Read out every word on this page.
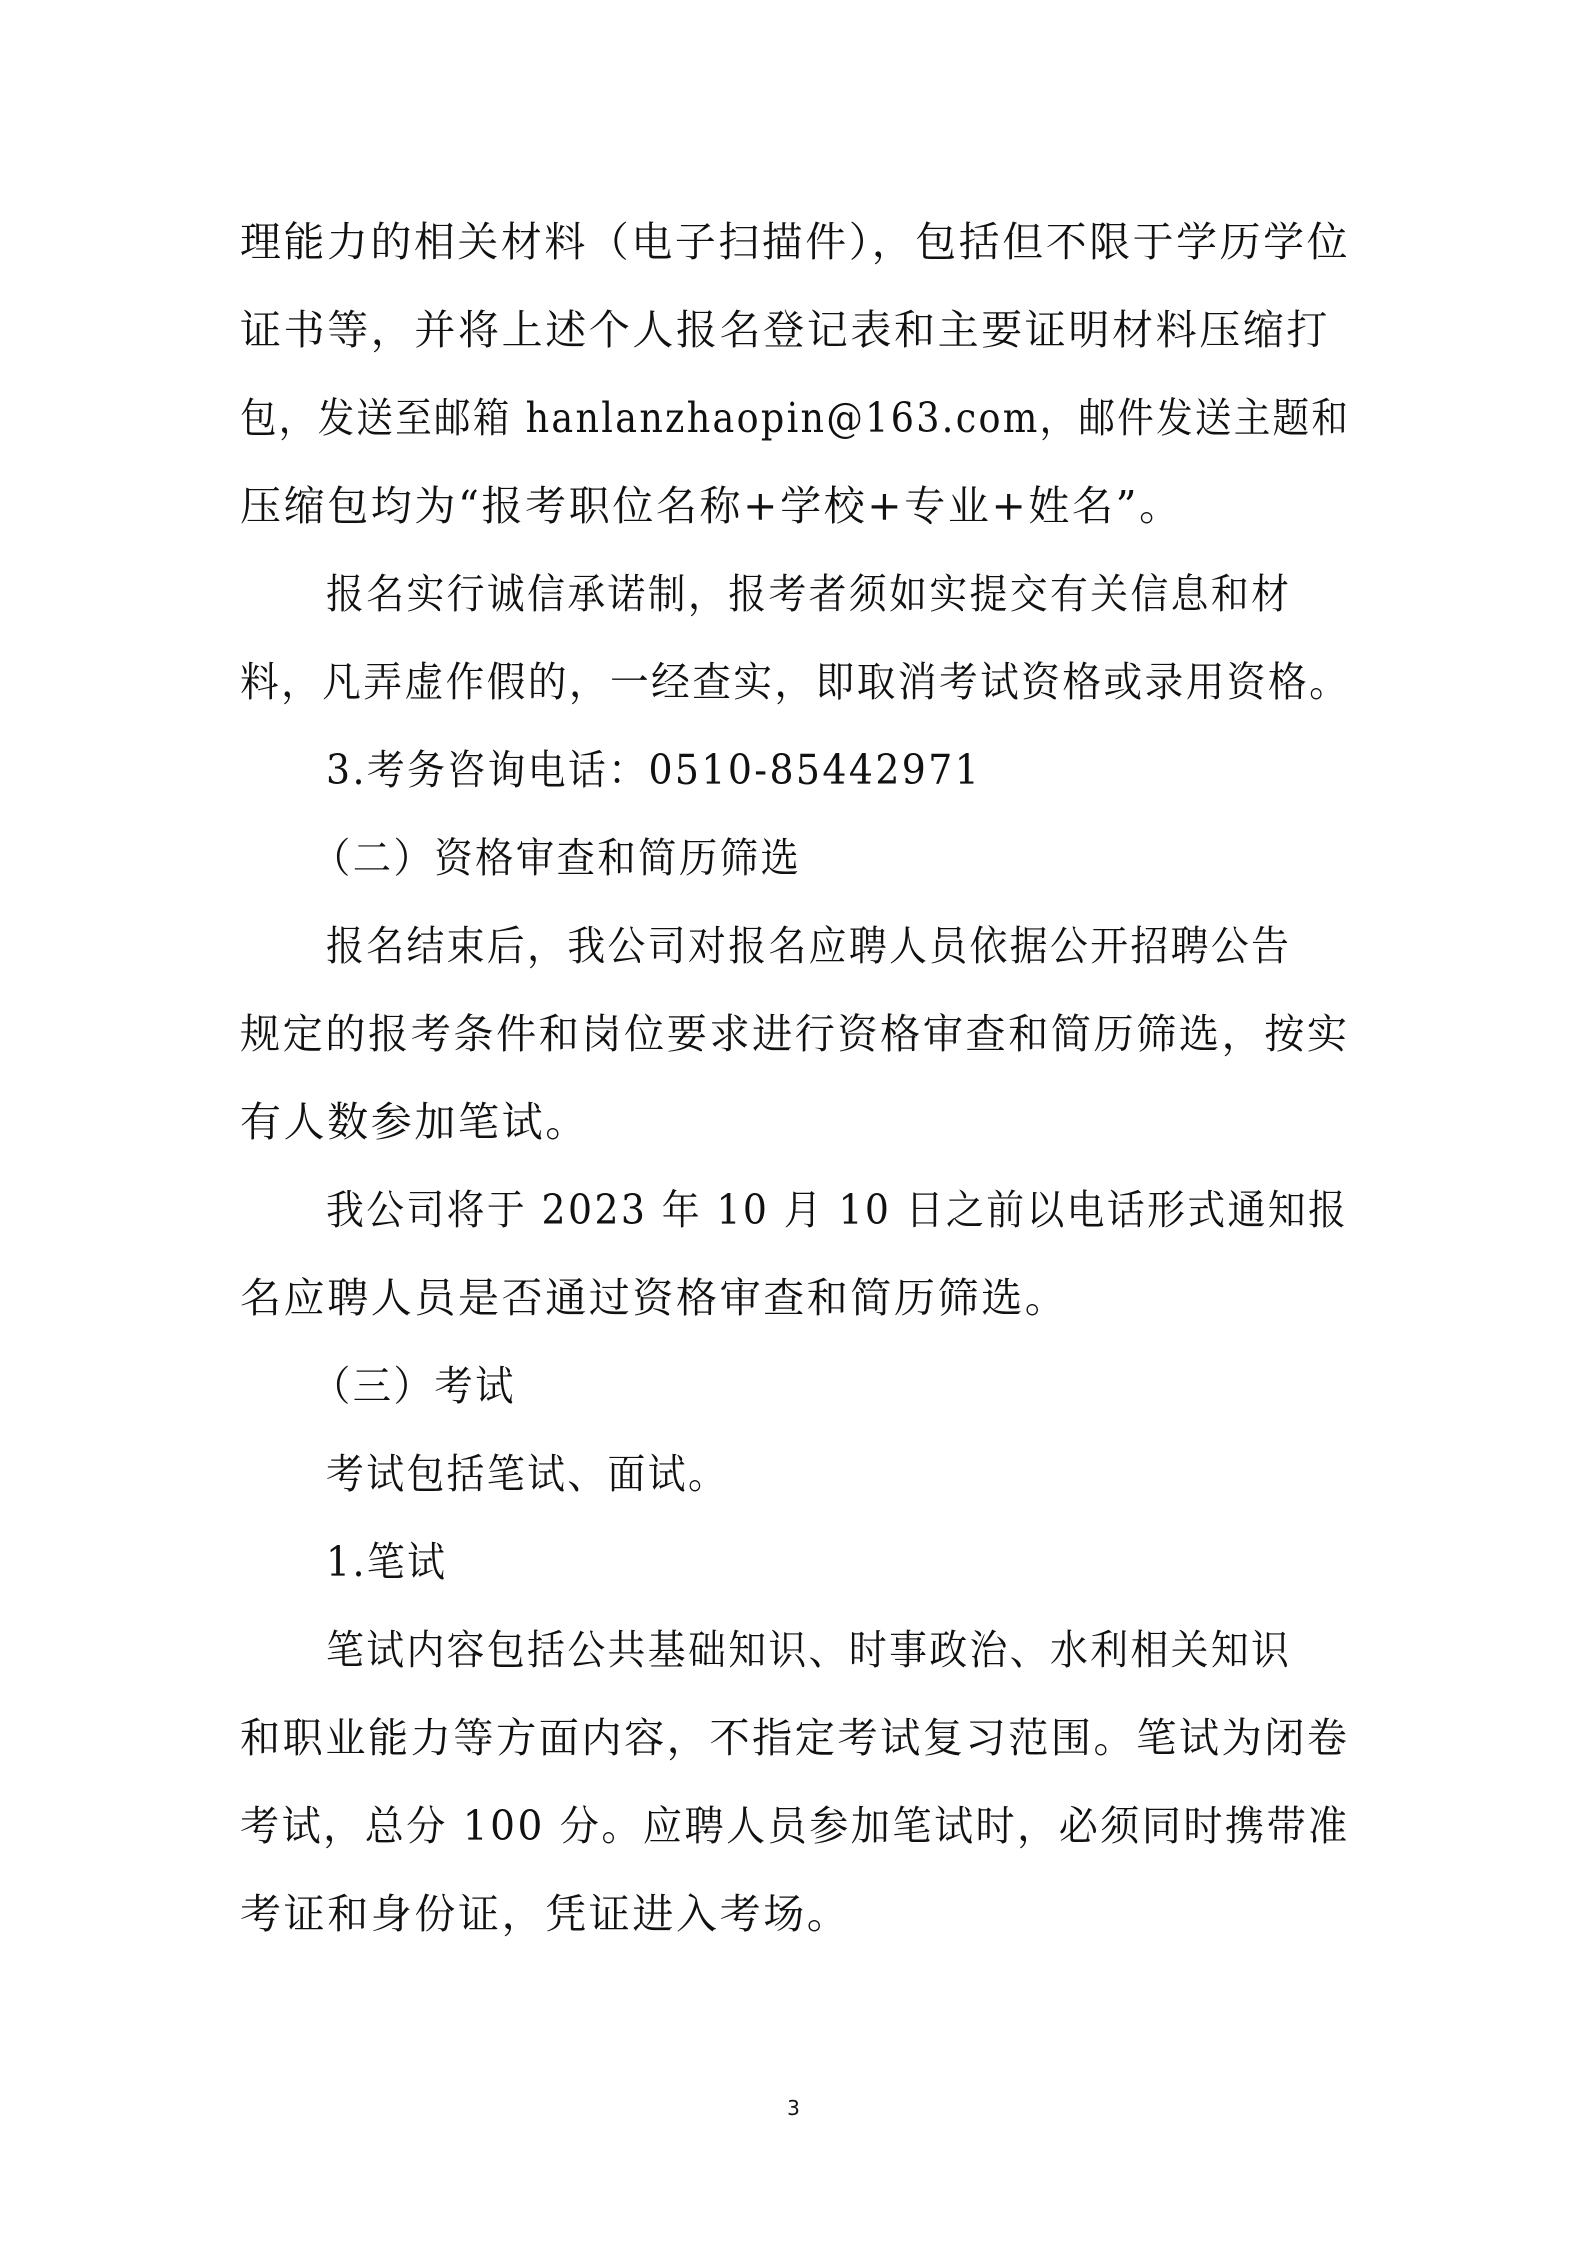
理能力的相关材料（电子扫描件），包括但不限于学历学位
证书等，并将上述个人报名登记表和主要证明材料压缩打
包，发送至邮箱 hanlanzhaopin@163.com，邮件发送主题和
压缩包均为“报考职位名称+学校+专业+姓名”。
报名实行诚信承诺制，报考者须如实提交有关信息和材
料，凡弄虚作假的，一经查实，即取消考试资格或录用资格。
3.考务咨询电话：0510-85442971
（二）资格审查和简历筛选
报名结束后，我公司对报名应聘人员依据公开招聘公告
规定的报考条件和岗位要求进行资格审查和简历筛选，按实
有人数参加笔试。
我公司将于 2023 年 10 月 10 日之前以电话形式通知报
名应聘人员是否通过资格审查和简历筛选。
（三）考试
考试包括笔试、面试。
1.笔试
笔试内容包括公共基础知识、时事政治、水利相关知识
和职业能力等方面内容，不指定考试复习范围。笔试为闭卷
考试，总分 100 分。应聘人员参加笔试时，必须同时携带准
考证和身份证，凭证进入考场。
3
